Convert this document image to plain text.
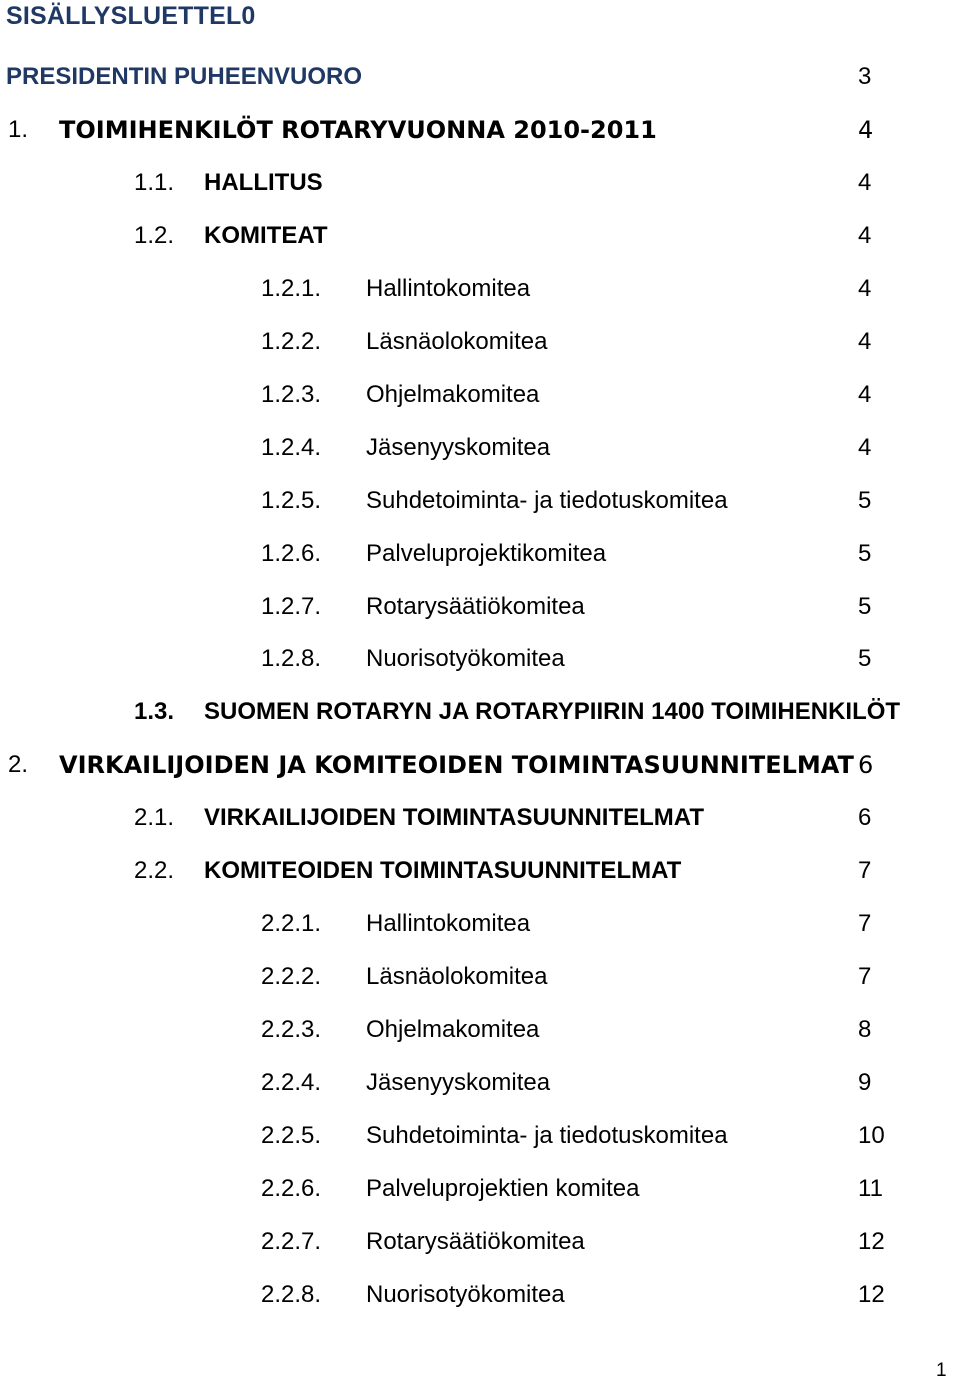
SISÄLLYSLUETTEL0
PRESIDENTIN PUHEENVUORO	3
1. TOIMIHENKILÖT ROTARYVUONNA 2010-2011	4
1.1. HALLITUS	4
1.2. KOMITEAT	4
1.2.1. Hallintokomitea	4
1.2.2. Läsnäolokomitea	4
1.2.3. Ohjelmakomitea	4
1.2.4. Jäsenyyskomitea	4
1.2.5. Suhdetoiminta- ja tiedotuskomitea	5
1.2.6. Palveluprojektikomitea	5
1.2.7. Rotarysäätiökomitea	5
1.2.8. Nuorisotyökomitea	5
1.3. SUOMEN ROTARYN JA ROTARYPIIRIN 1400 TOIMIHENKILÖT
2. VIRKAILIJOIDEN JA KOMITEOIDEN TOIMINTASUUNNITELMAT 6
2.1. VIRKAILIJOIDEN TOIMINTASUUNNITELMAT	6
2.2. KOMITEOIDEN TOIMINTASUUNNITELMAT	7
2.2.1. Hallintokomitea	7
2.2.2. Läsnäolokomitea	7
2.2.3. Ohjelmakomitea	8
2.2.4. Jäsenyyskomitea	9
2.2.5. Suhdetoiminta- ja tiedotuskomitea	10
2.2.6. Palveluprojektien komitea	11
2.2.7. Rotarysäätiökomitea	12
2.2.8. Nuorisotyökomitea	12
1
